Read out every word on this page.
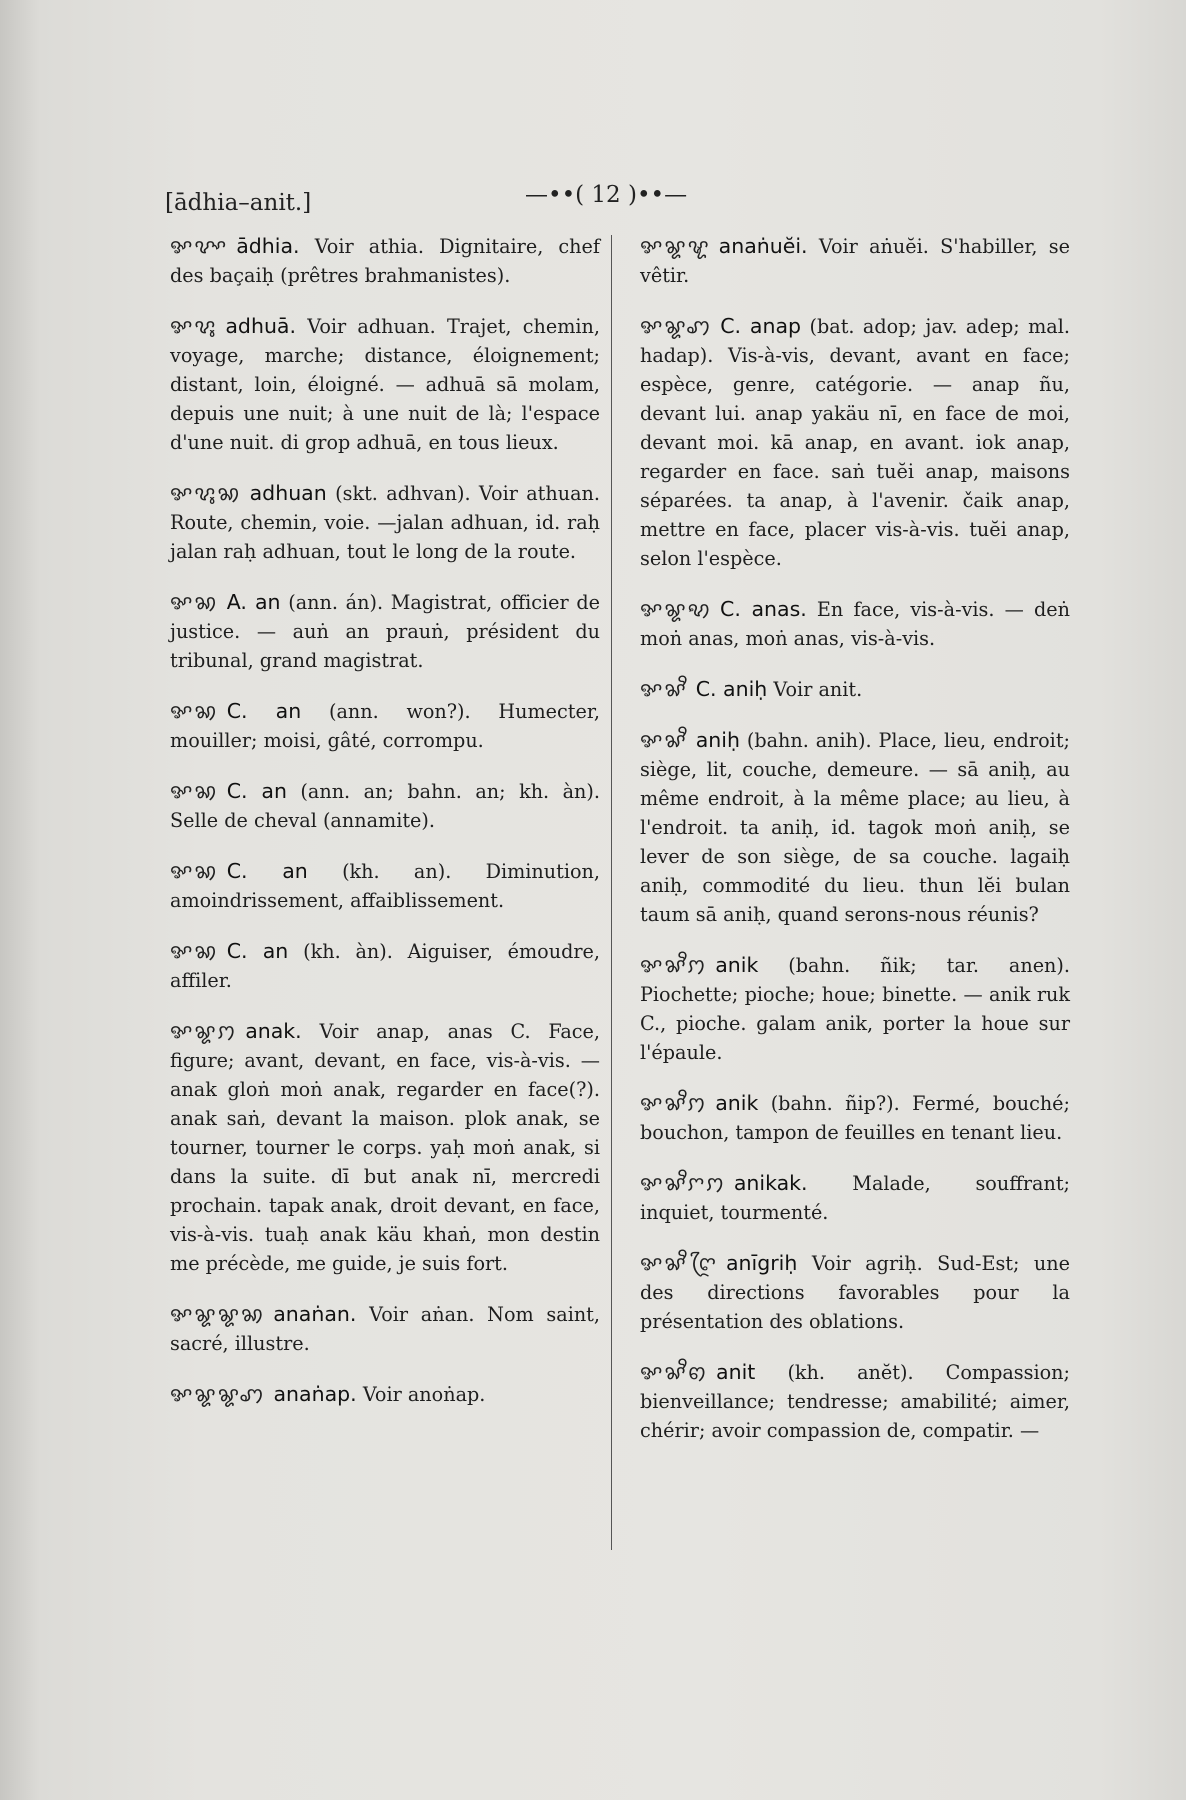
[ādhia–anit.]	—••( 12 )••—
ꨀꨖꨳ ādhia. Voir athia. Dignitaire, chef des baçaiḥ (prêtres brahmanistes).
ꨀꨖꨶ adhuā. Voir adhuan. Trajet, chemin, voyage, marche; distance, éloignement; distant, loin, éloigné. — adhuā sā molam, depuis une nuit; à une nuit de là; l'espace d'une nuit. di grop adhuā, en tous lieux.
ꨀꨖꨶꩆ adhuan (skt. adhvan). Voir athuan. Route, chemin, voie. —jalan adhuan, id. raḥ jalan raḥ adhuan, tout le long de la route.
ꨀꩆ A. an (ann. án). Magistrat, officier de justice. — auṅ an prauṅ, président du tribunal, grand magistrat.
ꨀꩆ C. an (ann. won?). Humecter, mouiller; moisi, gâté, corrompu.
ꨀꩆ C. an (ann. an; bahn. an; kh. àn). Selle de cheval (annamite).
ꨀꩆ C. an (kh. an). Diminution, amoindrissement, affaiblissement.
ꨀꩆ C. an (kh. àn). Aiguiser, émoudre, affiler.
ꨀꨘꩀ anak. Voir anap, anas C. Face, figure; avant, devant, en face, vis-à-vis. — anak gloṅ moṅ anak, regarder en face(?). anak saṅ, devant la maison. plok anak, se tourner, tourner le corps. yaḥ moṅ anak, si dans la suite. dī but anak nī, mercredi prochain. tapak anak, droit devant, en face, vis-à-vis. tuaḥ anak käu khaṅ, mon destin me précède, me guide, je suis fort.
ꨀꨘꨘꩆ anaṅan. Voir aṅan. Nom saint, sacré, illustre.
ꨀꨘꨘꩇ anaṅap. Voir anoṅap.
ꨀꨘꨠ anaṅuĕi. Voir aṅuĕi. S'habiller, se vêtir.
ꨀꨘꩇ C. anap (bat. adop; jav. adep; mal. hadap). Vis-à-vis, devant, avant en face; espèce, genre, catégorie. — anap ñu, devant lui. anap yakäu nī, en face de moi, devant moi. kā anap, en avant. iok anap, regarder en face. saṅ tuĕi anap, maisons séparées. ta anap, à l'avenir. čaik anap, mettre en face, placer vis-à-vis. tuĕi anap, selon l'espèce.
ꨀꨘꩋ C. anas. En face, vis-à-vis. — deṅ moṅ anas, moṅ anas, vis-à-vis.
ꨀꨗꨪ C. aniḥ Voir anit.
ꨀꨗꨪ aniḥ (bahn. anih). Place, lieu, endroit; siège, lit, couche, demeure. — sā aniḥ, au même endroit, à la même place; au lieu, à l'endroit. ta aniḥ, id. tagok moṅ aniḥ, se lever de son siège, de sa couche. lagaiḥ aniḥ, commodité du lieu. thun lĕi bulan taum sā aniḥ, quand serons-nous réunis?
ꨀꨗꨪꩀ anik (bahn. ñik; tar. anen). Piochette; pioche; houe; binette. — anik ruk C., pioche. galam anik, porter la houe sur l'épaule.
ꨀꨗꨪꩀ anik (bahn. ñip?). Fermé, bouché; bouchon, tampon de feuilles en tenant lieu.
ꨀꨗꨪꨆꩀ anikak. Malade, souffrant; inquiet, tourmenté.
ꨀꨗꨪꨈꨴ anīgriḥ Voir agriḥ. Sud-Est; une des directions favorables pour la présentation des oblations.
ꨀꨗꨪꩅ anit (kh. anĕt). Compassion; bienveillance; tendresse; amabilité; aimer, chérir; avoir compassion de, compatir. —
